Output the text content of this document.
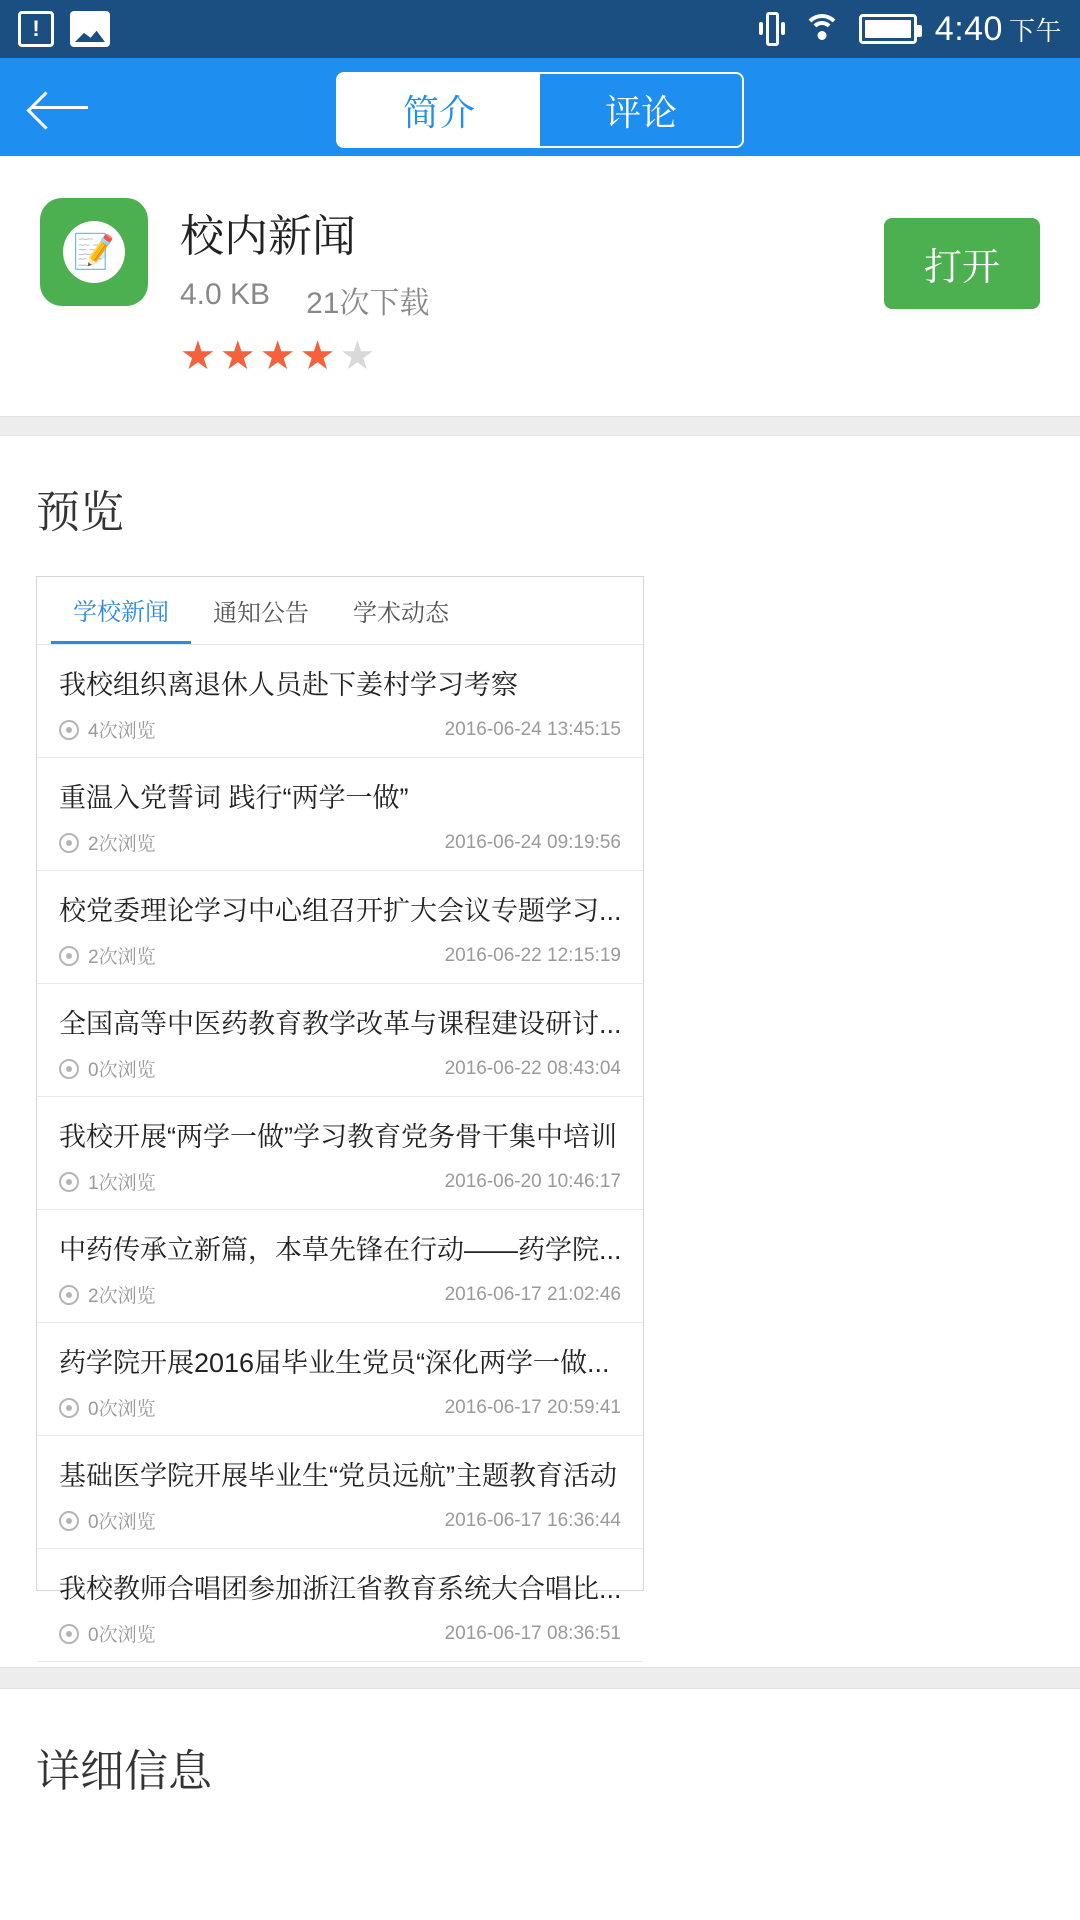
!	4:40 下午
简介	评论
📝 校内新闻
4.0 KB 21次下载
★ ★ ★ ★ ★
打开
预览
学校新闻	通知公告	学术动态
我校组织离退休人员赴下姜村学习考察
4次浏览	2016-06-24 13:45:15
重温入党誓词 践行“两学一做”
2次浏览	2016-06-24 09:19:56
校党委理论学习中心组召开扩大会议专题学习...
2次浏览	2016-06-22 12:15:19
全国高等中医药教育教学改革与课程建设研讨...
0次浏览	2016-06-22 08:43:04
我校开展“两学一做”学习教育党务骨干集中培训
1次浏览	2016-06-20 10:46:17
中药传承立新篇，本草先锋在行动——药学院...
2次浏览	2016-06-17 21:02:46
药学院开展2016届毕业生党员“深化两学一做...
0次浏览	2016-06-17 20:59:41
基础医学院开展毕业生“党员远航”主题教育活动
0次浏览	2016-06-17 16:36:44
我校教师合唱团参加浙江省教育系统大合唱比...
0次浏览	2016-06-17 08:36:51
详细信息
